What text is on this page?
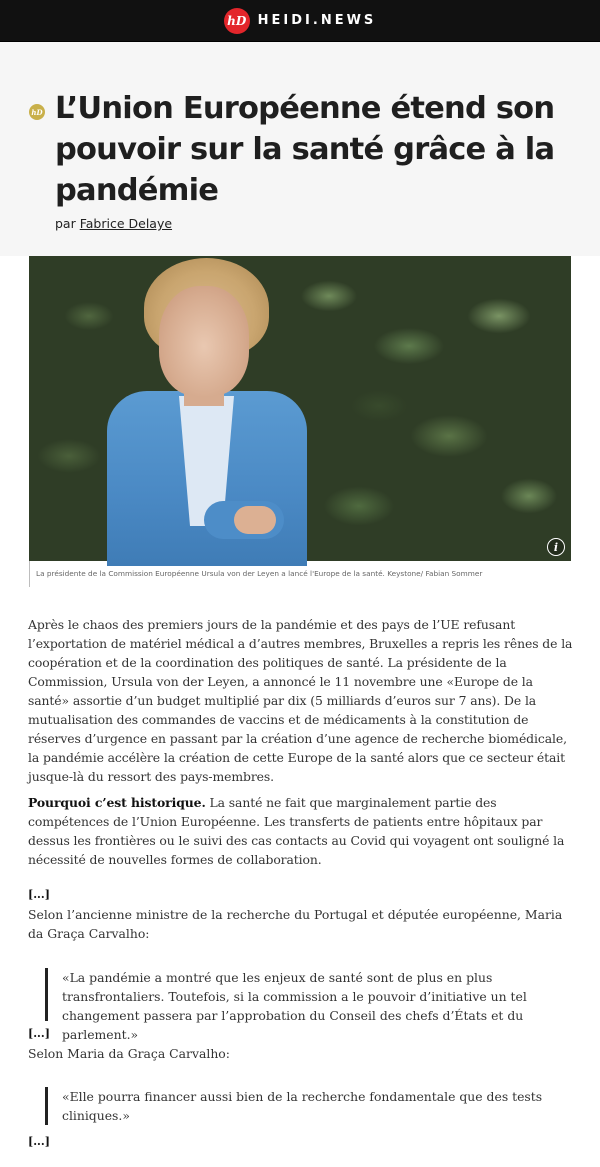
hD HEIDI.NEWS
hD L’Union Européenne étend son pouvoir sur la santé grâce à la pandémie
par Fabrice Delaye
i
La présidente de la Commission Européenne Ursula von der Leyen a lancé l'Europe de la santé. Keystone/ Fabian Sommer

Après le chaos des premiers jours de la pandémie et des pays de l’UE refusant l’exportation de matériel médical a d’autres membres, Bruxelles a repris les rênes de la coopération et de la coordination des politiques de santé. La présidente de la Commission, Ursula von der Leyen, a annoncé le 11 novembre une «Europe de la santé» assortie d’un budget multiplié par dix (5 milliards d’euros sur 7 ans). De la mutualisation des commandes de vaccins et de médicaments à la constitution de réserves d’urgence en passant par la création d’une agence de recherche biomédicale, la pandémie accélère la création de cette Europe de la santé alors que ce secteur était jusque-là du ressort des pays-membres.

Pourquoi c’est historique. La santé ne fait que marginalement partie des compétences de l’Union Européenne. Les transferts de patients entre hôpitaux par dessus les frontières ou le suivi des cas contacts au Covid qui voyagent ont souligné la nécessité de nouvelles formes de collaboration.

[...]

Selon l’ancienne ministre de la recherche du Portugal et députée européenne, Maria da Graça Carvalho:

«La pandémie a montré que les enjeux de santé sont de plus en plus transfrontaliers. Toutefois, si la commission a le pouvoir d’initiative un tel changement passera par l’approbation du Conseil des chefs d’États et du parlement.»
[...]

Selon Maria da Graça Carvalho:

«Elle pourra financer aussi bien de la recherche fondamentale que des tests cliniques.»
[...]
